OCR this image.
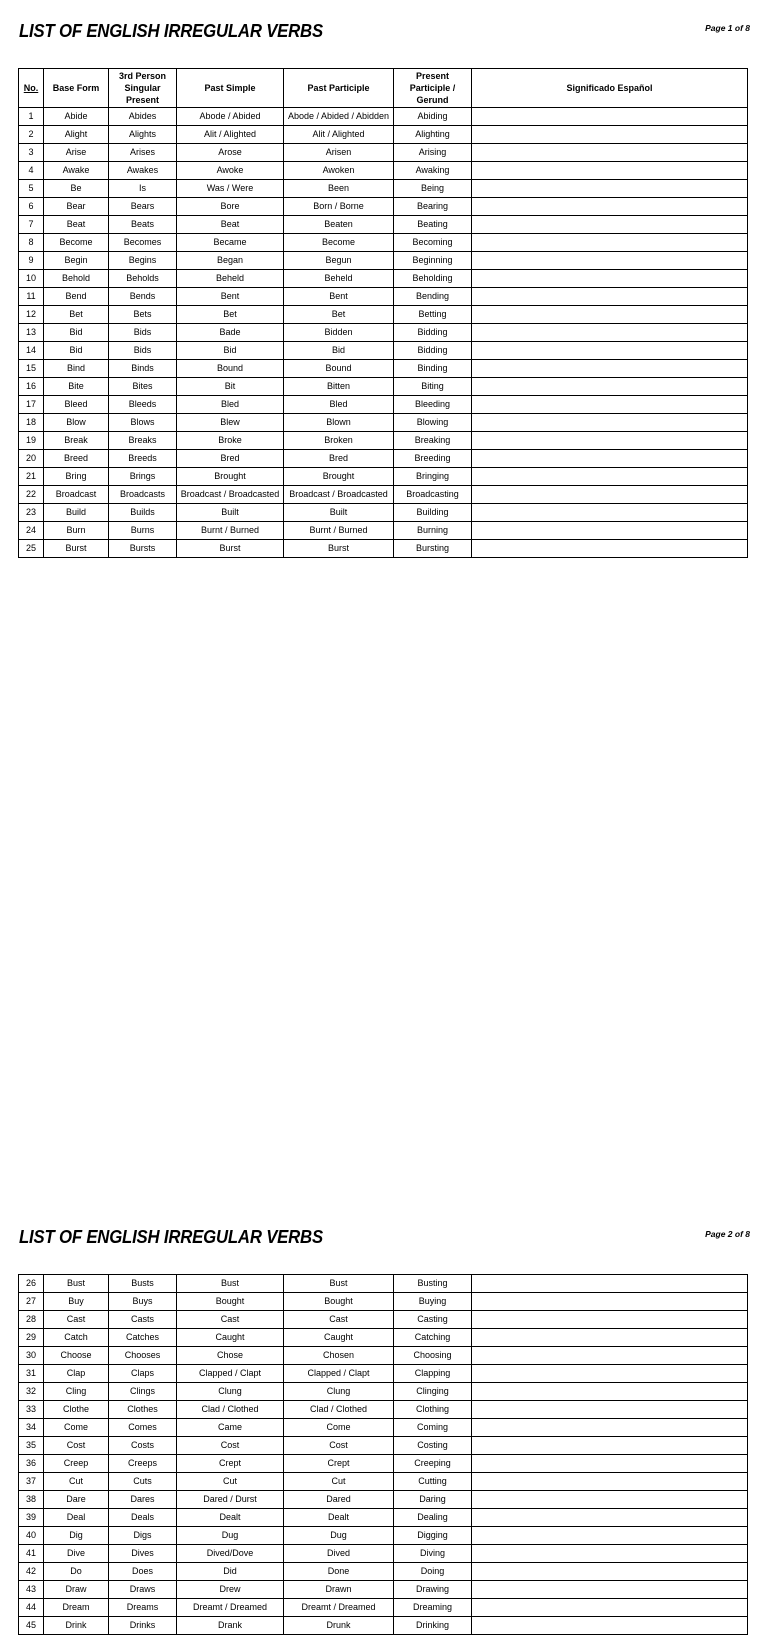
LIST OF ENGLISH IRREGULAR VERBS	Page 1 of 8
No.	Base Form	3rd Person Singular Present	Past Simple	Past Participle	Present Participle / Gerund	Significado Español
1	Abide	Abides	Abode / Abided	Abode / Abided / Abidden	Abiding	
2	Alight	Alights	Alit / Alighted	Alit / Alighted	Alighting	
3	Arise	Arises	Arose	Arisen	Arising	
4	Awake	Awakes	Awoke	Awoken	Awaking	
5	Be	Is	Was / Were	Been	Being	
6	Bear	Bears	Bore	Born / Borne	Bearing	
7	Beat	Beats	Beat	Beaten	Beating	
8	Become	Becomes	Became	Become	Becoming	
9	Begin	Begins	Began	Begun	Beginning	
10	Behold	Beholds	Beheld	Beheld	Beholding	
11	Bend	Bends	Bent	Bent	Bending	
12	Bet	Bets	Bet	Bet	Betting	
13	Bid	Bids	Bade	Bidden	Bidding	
14	Bid	Bids	Bid	Bid	Bidding	
15	Bind	Binds	Bound	Bound	Binding	
16	Bite	Bites	Bit	Bitten	Biting	
17	Bleed	Bleeds	Bled	Bled	Bleeding	
18	Blow	Blows	Blew	Blown	Blowing	
19	Break	Breaks	Broke	Broken	Breaking	
20	Breed	Breeds	Bred	Bred	Breeding	
21	Bring	Brings	Brought	Brought	Bringing	
22	Broadcast	Broadcasts	Broadcast / Broadcasted	Broadcast / Broadcasted	Broadcasting	
23	Build	Builds	Built	Built	Building	
24	Burn	Burns	Burnt / Burned	Burnt / Burned	Burning	
25	Burst	Bursts	Burst	Burst	Bursting	
LIST OF ENGLISH IRREGULAR VERBS	Page 2 of 8
26	Bust	Busts	Bust	Bust	Busting	
27	Buy	Buys	Bought	Bought	Buying	
28	Cast	Casts	Cast	Cast	Casting	
29	Catch	Catches	Caught	Caught	Catching	
30	Choose	Chooses	Chose	Chosen	Choosing	
31	Clap	Claps	Clapped / Clapt	Clapped / Clapt	Clapping	
32	Cling	Clings	Clung	Clung	Clinging	
33	Clothe	Clothes	Clad / Clothed	Clad / Clothed	Clothing	
34	Come	Comes	Came	Come	Coming	
35	Cost	Costs	Cost	Cost	Costing	
36	Creep	Creeps	Crept	Crept	Creeping	
37	Cut	Cuts	Cut	Cut	Cutting	
38	Dare	Dares	Dared / Durst	Dared	Daring	
39	Deal	Deals	Dealt	Dealt	Dealing	
40	Dig	Digs	Dug	Dug	Digging	
41	Dive	Dives	Dived/Dove	Dived	Diving	
42	Do	Does	Did	Done	Doing	
43	Draw	Draws	Drew	Drawn	Drawing	
44	Dream	Dreams	Dreamt / Dreamed	Dreamt / Dreamed	Dreaming	
45	Drink	Drinks	Drank	Drunk	Drinking	
